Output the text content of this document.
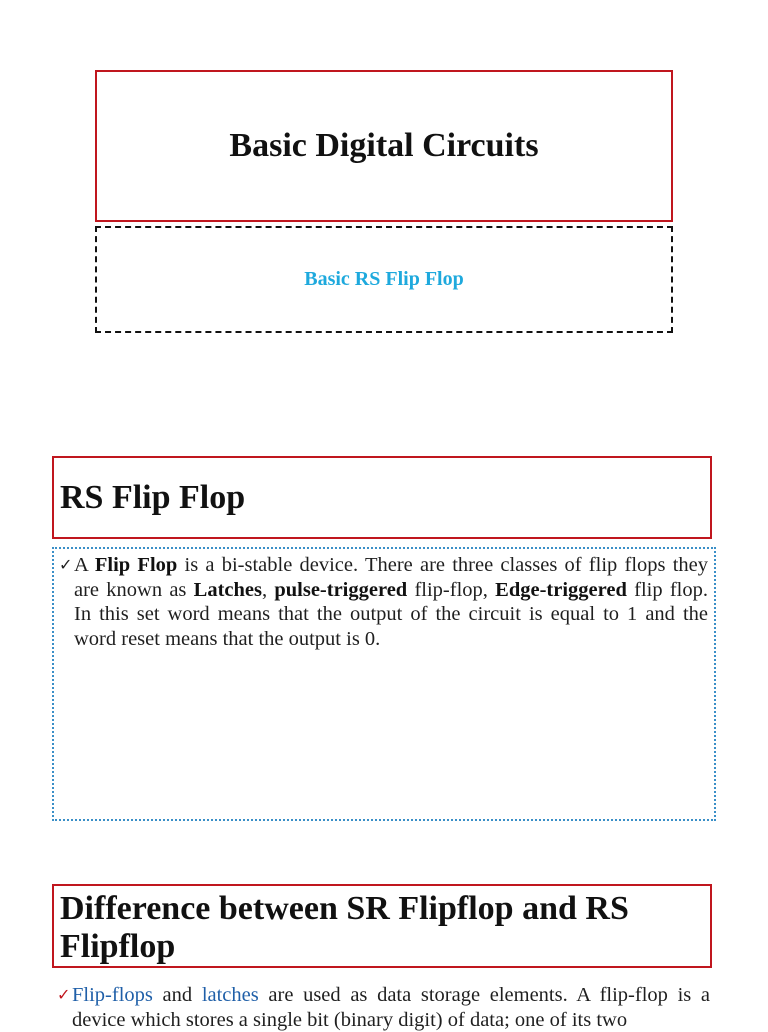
Basic Digital Circuits
Basic RS Flip Flop
RS Flip Flop
✓ A Flip Flop is a bi-stable device. There are three classes of flip flops they are known as Latches, pulse-triggered flip-flop, Edge-triggered flip flop. In this set word means that the output of the circuit is equal to 1 and the word reset means that the output is 0.
Difference between SR Flipflop and RS Flipflop
✓ Flip-flops and latches are used as data storage elements. A flip-flop is a device which stores a single bit (binary digit) of data; one of its two
